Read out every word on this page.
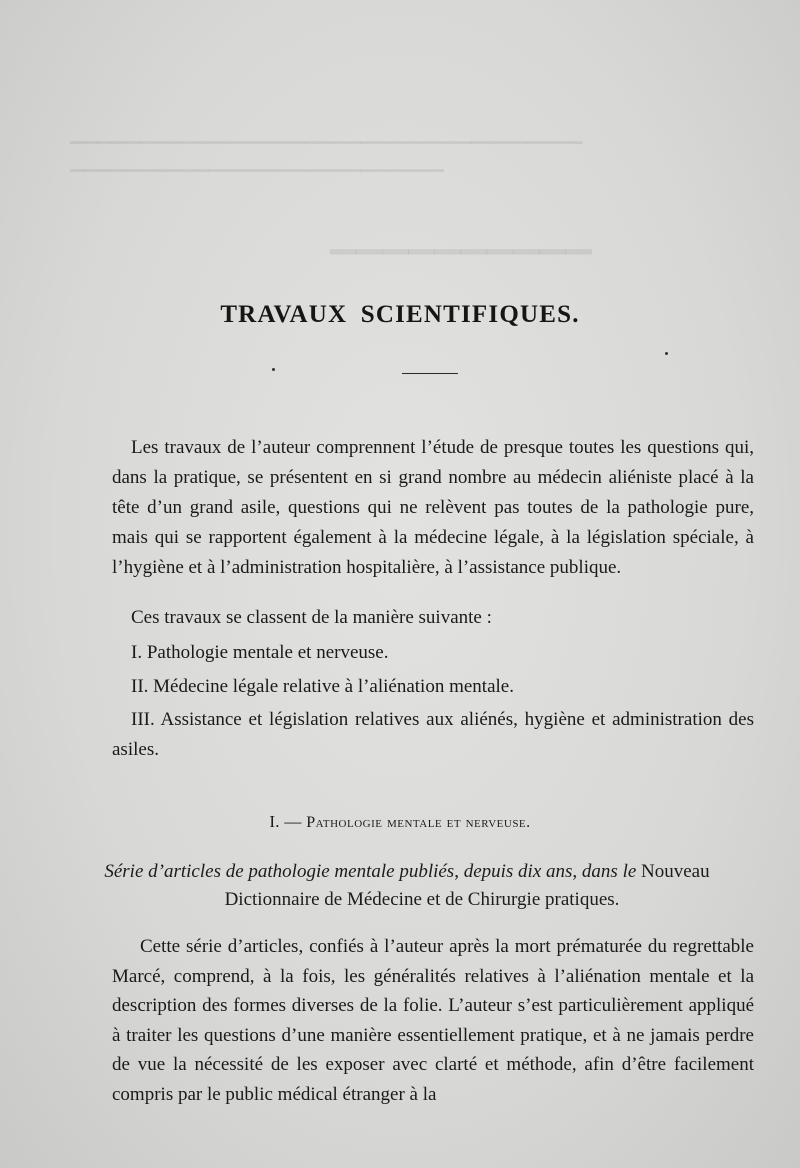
▔▔▔▔▔▔▔▔▔▔▔▔▔▔▔▔▔▔▔▔▔▔▔▔▔▔▔▔▔▔▔▔▔▔▔▔▔
▔▔▔▔▔▔▔▔▔▔▔▔▔▔▔▔▔▔▔▔▔▔▔▔▔▔▔
▔▔▔▔▔▔▔▔▔▔
TRAVAUX SCIENTIFIQUES.

Les travaux de l’auteur comprennent l’étude de presque toutes les questions qui, dans la pratique, se présentent en si grand nombre au médecin aliéniste placé à la tête d’un grand asile, questions qui ne relèvent pas toutes de la pathologie pure, mais qui se rapportent également à la médecine légale, à la législation spéciale, à l’hygiène et à l’administration hospitalière, à l’assistance publique.

Ces travaux se classent de la manière suivante :
I. Pathologie mentale et nerveuse.
II. Médecine légale relative à l’aliénation mentale.

III. Assistance et législation relatives aux aliénés, hygiène et administration des asiles.

I. — Pathologie mentale et nerveuse.
Série d’articles de pathologie mentale publiés, depuis dix ans, dans le Nouveau
Dictionnaire de Médecine et de Chirurgie pratiques.

Cette série d’articles, confiés à l’auteur après la mort prématurée du regrettable Marcé, comprend, à la fois, les généralités relatives à l’aliénation mentale et la description des formes diverses de la folie. L’auteur s’est particulièrement appliqué à traiter les questions d’une manière essentiellement pratique, et à ne jamais perdre de vue la nécessité de les exposer avec clarté et méthode, afin d’être facilement compris par le public médical étranger à la
